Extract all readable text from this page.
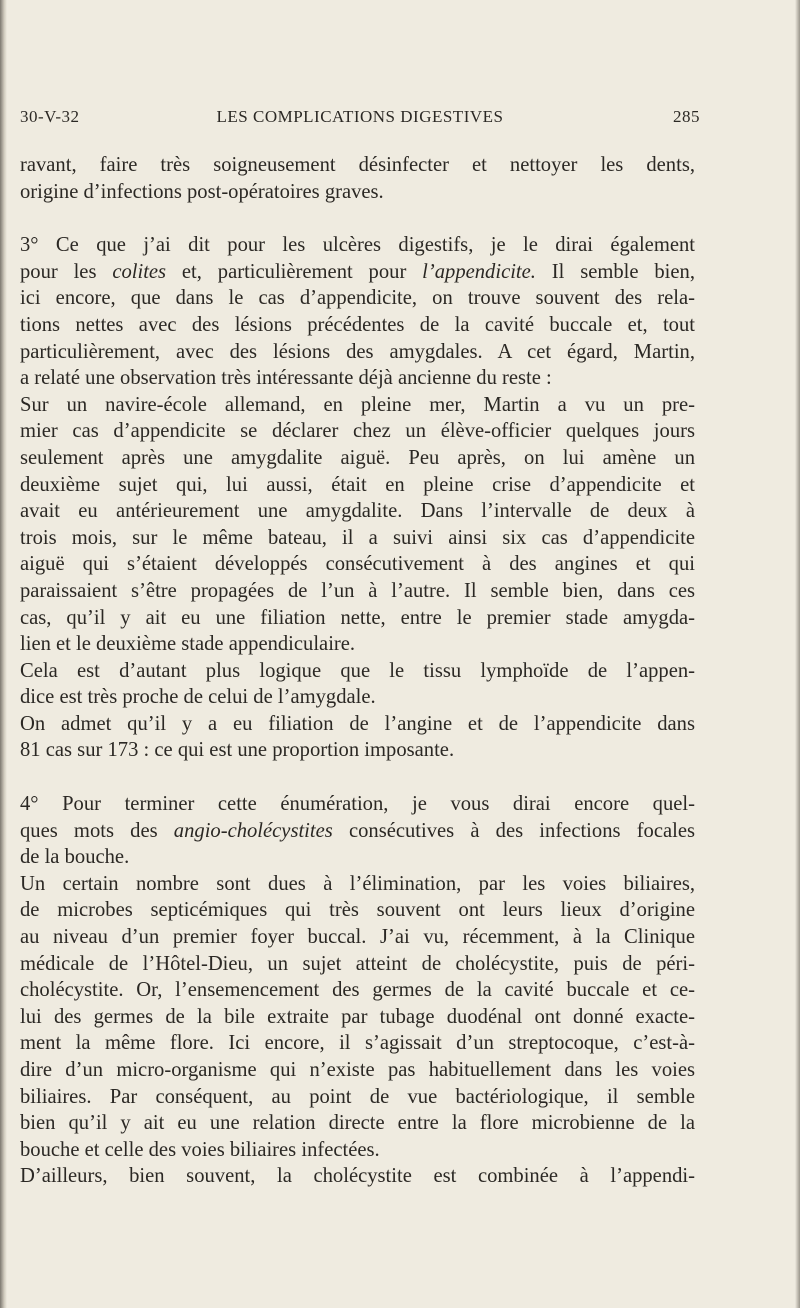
30-V-32	LES COMPLICATIONS DIGESTIVES	285
ravant, faire très soigneusement désinfecter et nettoyer les dents,
origine d’infections post-opératoires graves.
3° Ce que j’ai dit pour les ulcères digestifs, je le dirai également
pour les colites et, particulièrement pour l’appendicite. Il semble bien,
ici encore, que dans le cas d’appendicite, on trouve souvent des rela-
tions nettes avec des lésions précédentes de la cavité buccale et, tout
particulièrement, avec des lésions des amygdales. A cet égard, Martin,
a relaté une observation très intéressante déjà ancienne du reste :
Sur un navire-école allemand, en pleine mer, Martin a vu un pre-
mier cas d’appendicite se déclarer chez un élève-officier quelques jours
seulement après une amygdalite aiguë. Peu après, on lui amène un
deuxième sujet qui, lui aussi, était en pleine crise d’appendicite et
avait eu antérieurement une amygdalite. Dans l’intervalle de deux à
trois mois, sur le même bateau, il a suivi ainsi six cas d’appendicite
aiguë qui s’étaient développés consécutivement à des angines et qui
paraissaient s’être propagées de l’un à l’autre. Il semble bien, dans ces
cas, qu’il y ait eu une filiation nette, entre le premier stade amygda-
lien et le deuxième stade appendiculaire.
Cela est d’autant plus logique que le tissu lymphoïde de l’appen-
dice est très proche de celui de l’amygdale.
On admet qu’il y a eu filiation de l’angine et de l’appendicite dans
81 cas sur 173 : ce qui est une proportion imposante.
4° Pour terminer cette énumération, je vous dirai encore quel-
ques mots des angio-cholécystites consécutives à des infections focales
de la bouche.
Un certain nombre sont dues à l’élimination, par les voies biliaires,
de microbes septicémiques qui très souvent ont leurs lieux d’origine
au niveau d’un premier foyer buccal. J’ai vu, récemment, à la Clinique
médicale de l’Hôtel-Dieu, un sujet atteint de cholécystite, puis de péri-
cholécystite. Or, l’ensemencement des germes de la cavité buccale et ce-
lui des germes de la bile extraite par tubage duodénal ont donné exacte-
ment la même flore. Ici encore, il s’agissait d’un streptocoque, c’est-à-
dire d’un micro-organisme qui n’existe pas habituellement dans les voies
biliaires. Par conséquent, au point de vue bactériologique, il semble
bien qu’il y ait eu une relation directe entre la flore microbienne de la
bouche et celle des voies biliaires infectées.
D’ailleurs, bien souvent, la cholécystite est combinée à l’appendi-
